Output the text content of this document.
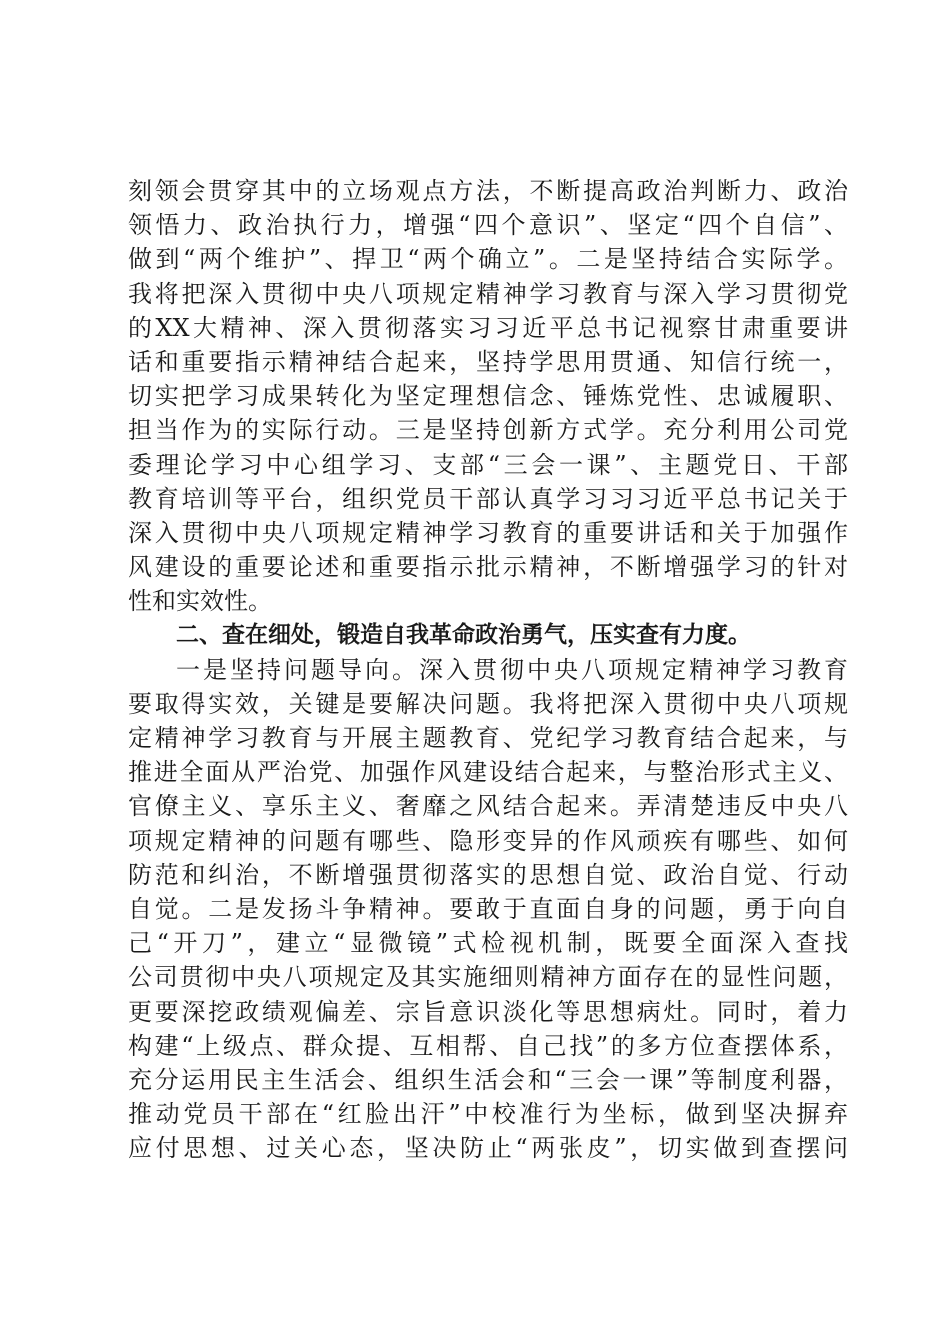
刻领会贯穿其中的立场观点方法，不断提高政治判断力、政治
领悟力、政治执行力，增强“四个意识”、坚定“四个自信”、
做到“两个维护”、捍卫“两个确立”。二是坚持结合实际学。
我将把深入贯彻中央八项规定精神学习教育与深入学习贯彻党
的XX大精神、深入贯彻落实习习近平总书记视察甘肃重要讲
话和重要指示精神结合起来，坚持学思用贯通、知信行统一，
切实把学习成果转化为坚定理想信念、锤炼党性、忠诚履职、
担当作为的实际行动。三是坚持创新方式学。充分利用公司党
委理论学习中心组学习、支部“三会一课”、主题党日、干部
教育培训等平台，组织党员干部认真学习习习近平总书记关于
深入贯彻中央八项规定精神学习教育的重要讲话和关于加强作
风建设的重要论述和重要指示批示精神，不断增强学习的针对
性和实效性。
二、查在细处，锻造自我革命政治勇气，压实查有力度。
一是坚持问题导向。深入贯彻中央八项规定精神学习教育
要取得实效，关键是要解决问题。我将把深入贯彻中央八项规
定精神学习教育与开展主题教育、党纪学习教育结合起来，与
推进全面从严治党、加强作风建设结合起来，与整治形式主义、
官僚主义、享乐主义、奢靡之风结合起来。弄清楚违反中央八
项规定精神的问题有哪些、隐形变异的作风顽疾有哪些、如何
防范和纠治，不断增强贯彻落实的思想自觉、政治自觉、行动
自觉。二是发扬斗争精神。要敢于直面自身的问题，勇于向自
己“开刀”，建立“显微镜”式检视机制，既要全面深入查找
公司贯彻中央八项规定及其实施细则精神方面存在的显性问题，
更要深挖政绩观偏差、宗旨意识淡化等思想病灶。同时，着力
构建“上级点、群众提、互相帮、自己找”的多方位查摆体系，
充分运用民主生活会、组织生活会和“三会一课”等制度利器，
推动党员干部在“红脸出汗”中校准行为坐标，做到坚决摒弃
应付思想、过关心态，坚决防止“两张皮”，切实做到查摆问
